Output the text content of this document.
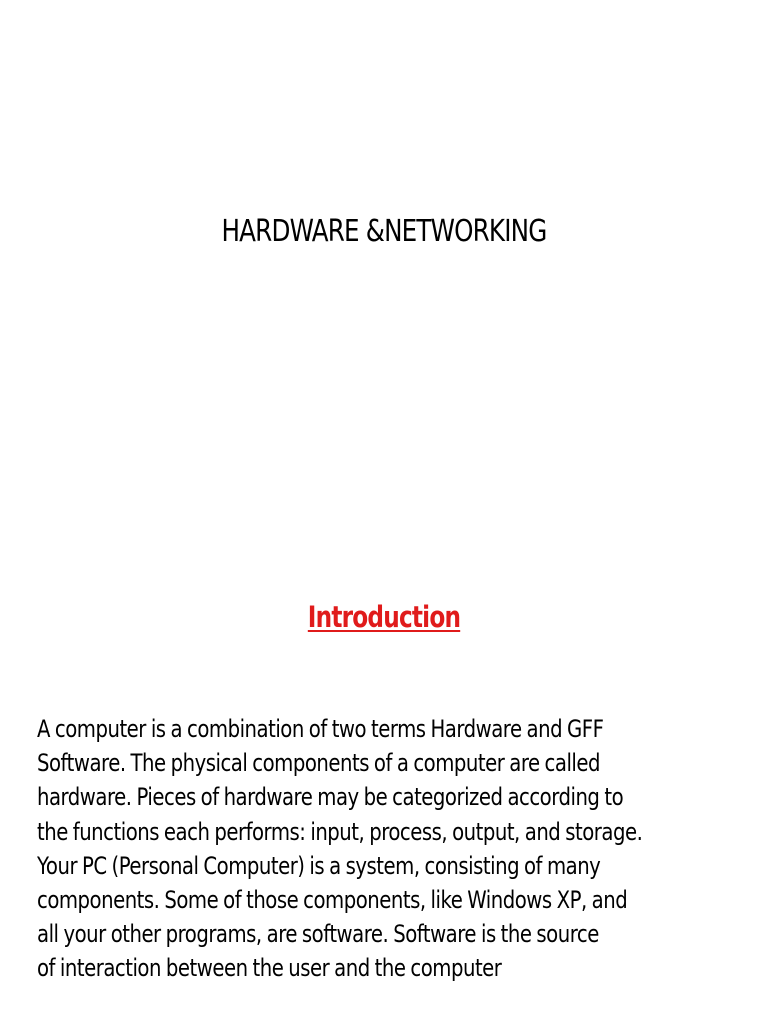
HARDWARE &NETWORKING
Introduction

A computer is a combination of two terms Hardware and GFF
Software. The physical components of a computer are called
hardware. Pieces of hardware may be categorized according to
the functions each performs: input, process, output, and storage.
Your PC (Personal Computer) is a system, consisting of many
components. Some of those components, like Windows XP, and
all your other programs, are software. Software is the source
of interaction between the user and the computer
